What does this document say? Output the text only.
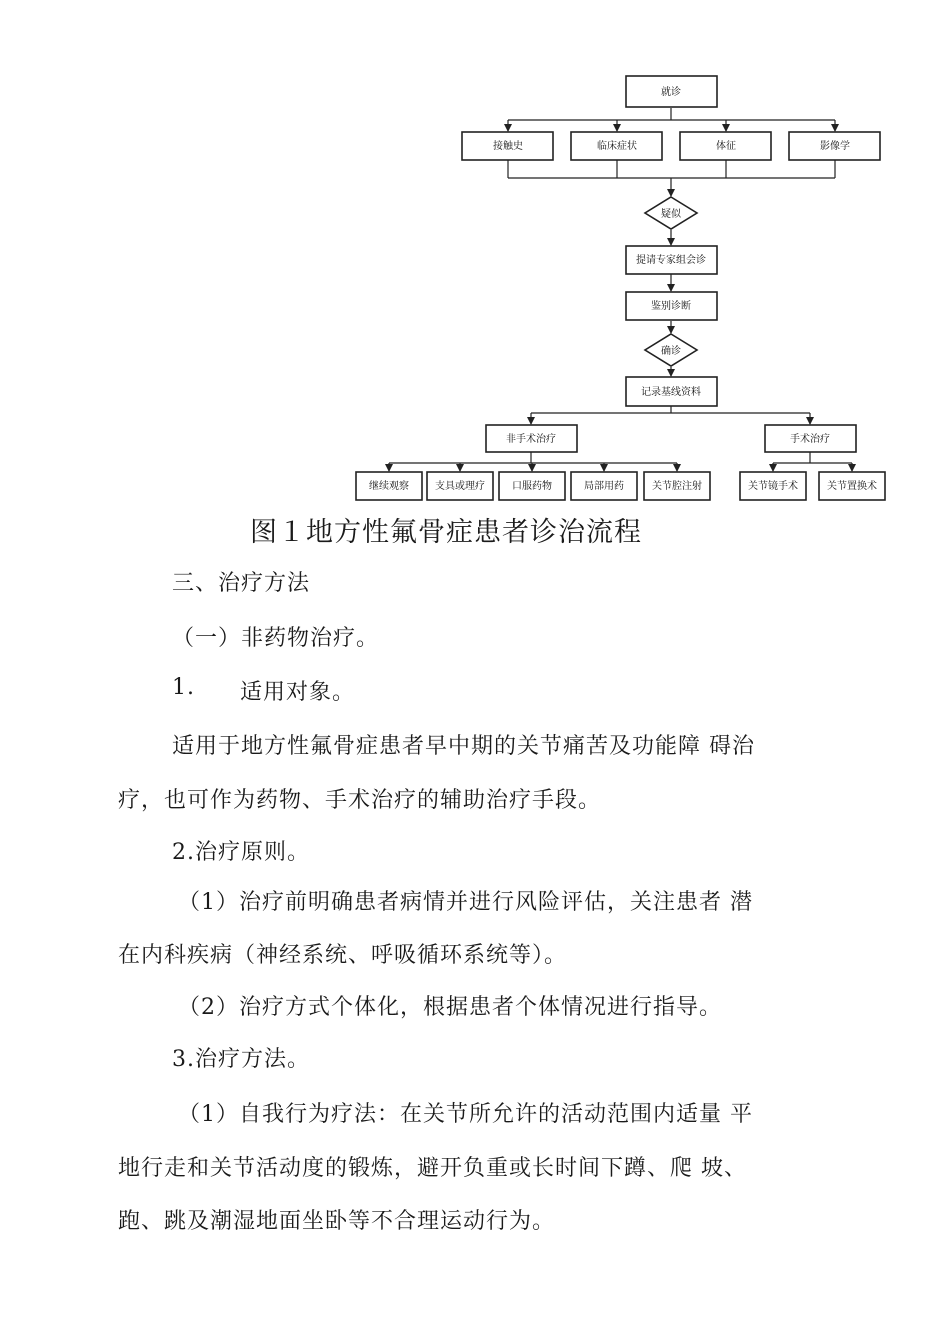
就诊
接触史	临床症状	体征	影像学
疑似
提请专家组会诊
鉴别诊断
确诊
记录基线资料
非手术治疗	手术治疗
继续观察	支具或理疗	口服药物	局部用药	关节腔注射	关节镜手术	关节置换术
图１地方性氟骨症患者诊治流程
三、治疗方法
（一）非药物治疗。
1. 适用对象。
适用于地方性氟骨症患者早中期的关节痛苦及功能障 碍治
疗，也可作为药物、手术治疗的辅助治疗手段。
2.治疗原则。
（1）治疗前明确患者病情并进行风险评估，关注患者 潜
在内科疾病（神经系统、呼吸循环系统等）。
（2）治疗方式个体化，根据患者个体情况进行指导。
3.治疗方法。
（1）自我行为疗法：在关节所允许的活动范围内适量 平
地行走和关节活动度的锻炼，避开负重或长时间下蹲、爬 坡、
跑、跳及潮湿地面坐卧等不合理运动行为。
